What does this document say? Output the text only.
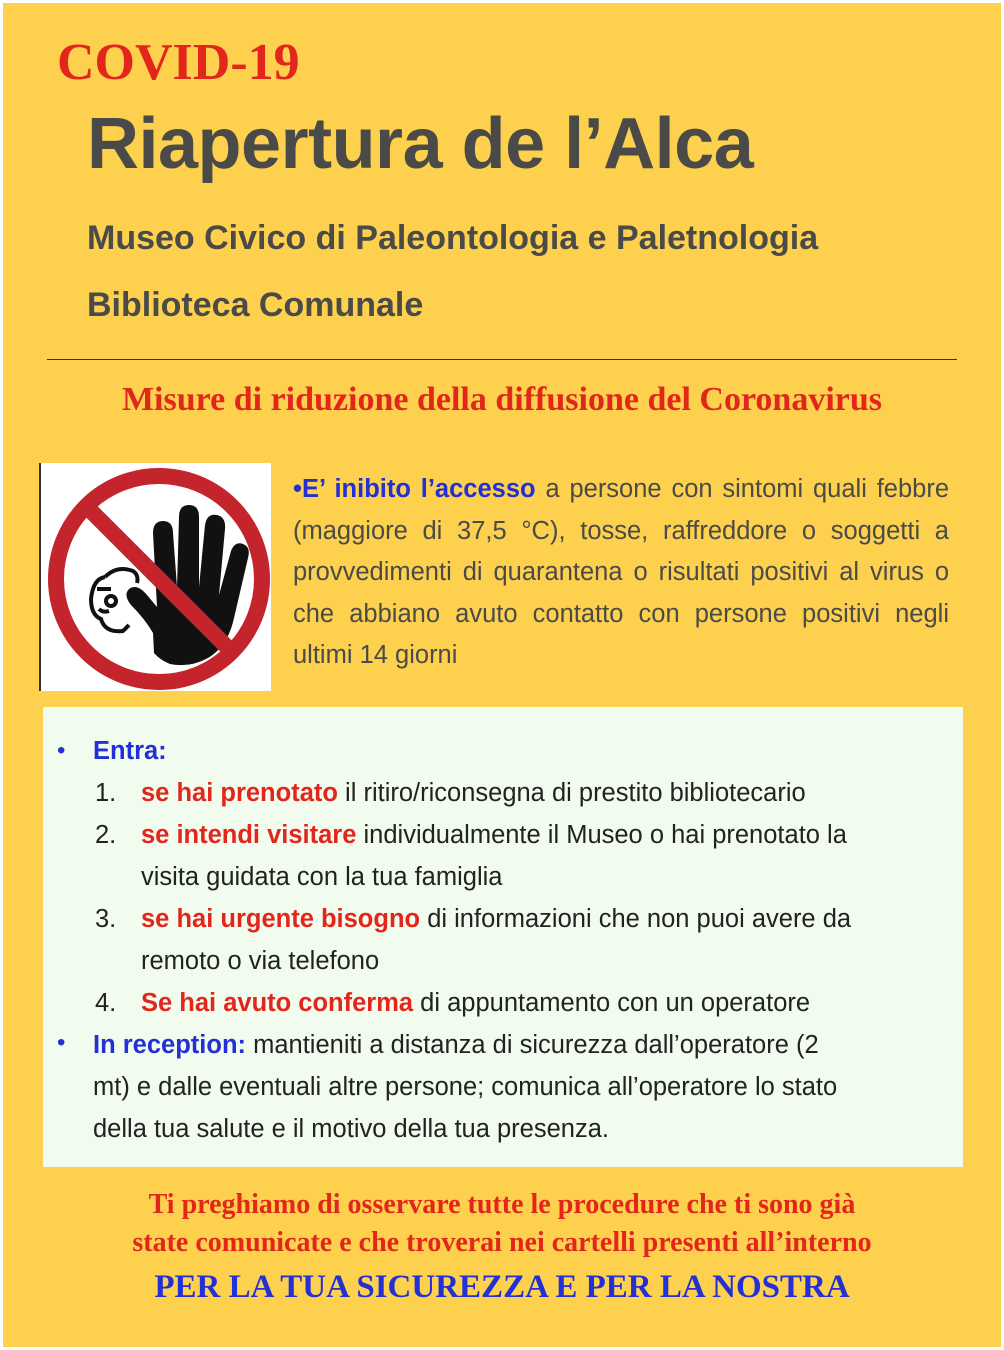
COVID-19
Riapertura de l’Alca
Museo Civico di Paleontologia e Paletnologia
Biblioteca Comunale
Misure di riduzione della diffusione del Coronavirus
•E’ inibito l’accesso a persone con sintomi quali febbre (maggiore di 37,5 °C), tosse, raffreddore o soggetti a provvedimenti di quarantena o risultati positivi al virus o che abbiano avuto contatto con persone positivi negli ultimi 14 giorni
• Entra:
1. se hai prenotato il ritiro/riconsegna di prestito bibliotecario
2. se intendi visitare individualmente il Museo o hai prenotato la
visita guidata con la tua famiglia
3. se hai urgente bisogno di informazioni che non puoi avere da
remoto o via telefono
4. Se hai avuto conferma di appuntamento con un operatore
• In reception: mantieniti a distanza di sicurezza dall’operatore (2
mt) e dalle eventuali altre persone; comunica all’operatore lo stato
della tua salute e il motivo della tua presenza.
Ti preghiamo di osservare tutte le procedure che ti sono già
state comunicate e che troverai nei cartelli presenti all’interno
PER LA TUA SICUREZZA E PER LA NOSTRA
